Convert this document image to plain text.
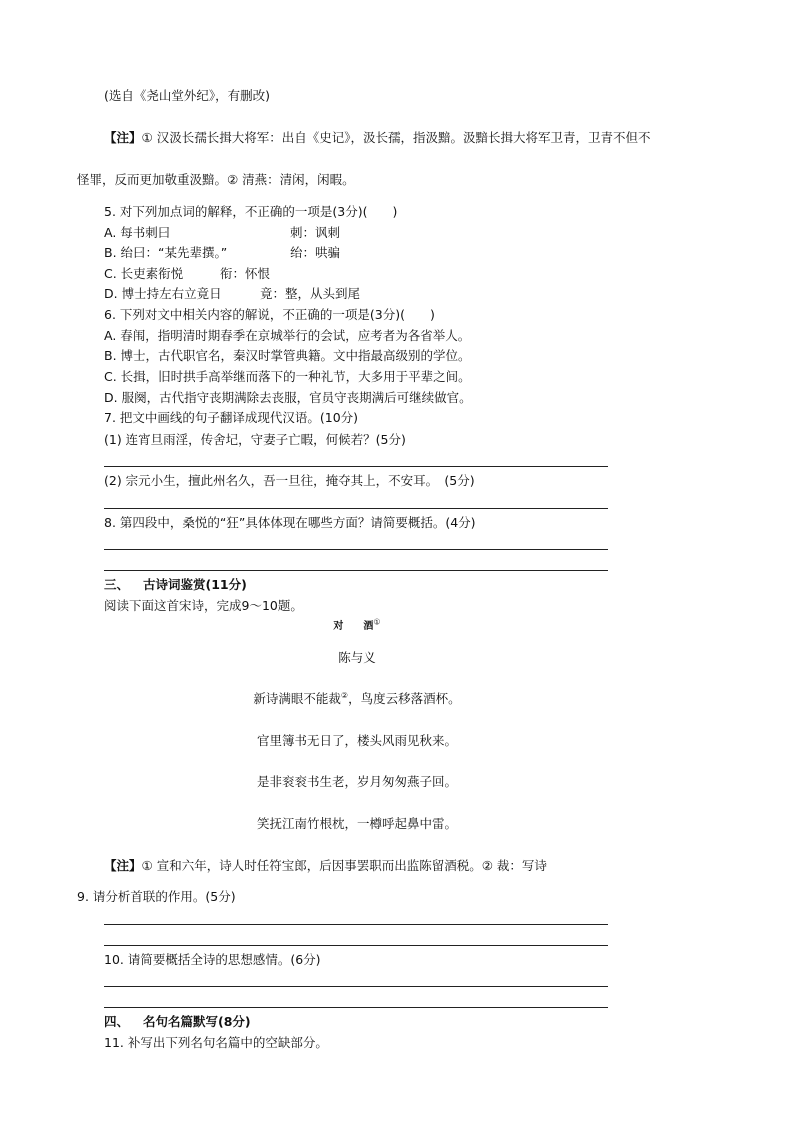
(选自《尧山堂外纪》，有删改)
【注】① 汉汲长孺长揖大将军：出自《史记》，汲长孺，指汲黯。汲黯长揖大将军卫青，卫青不但不
怪罪，反而更加敬重汲黯。② 清燕：清闲，闲暇。
5. 对下列加点词的解释，不正确的一项是(3分)(　　)
A. 每书刺曰	刺：讽刺
B. 绐曰：“某先辈撰。”	绐：哄骗
C. 长吏素衔悦	衔：怀恨
D. 博士持左右立竟日	竟：整，从头到尾
6. 下列对文中相关内容的解说，不正确的一项是(3分)(　　)
A. 春闱，指明清时期春季在京城举行的会试，应考者为各省举人。
B. 博士，古代职官名，秦汉时掌管典籍。文中指最高级别的学位。
C. 长揖，旧时拱手高举继而落下的一种礼节，大多用于平辈之间。
D. 服阕，古代指守丧期满除去丧服，官员守丧期满后可继续做官。
7. 把文中画线的句子翻译成现代汉语。(10分)
(1) 连宵旦雨淫，传舍圮，守妻子亡暇，何候若？(5分)
(2) 宗元小生，擅此州名久，吾一旦往，掩夺其上，不安耳。　(5分)
8. 第四段中，桑悦的“狂”具体体现在哪些方面？请简要概括。(4分)
三、 古诗词鉴赏(11分)
阅读下面这首宋诗，完成9～10题。
对　　酒①
陈与义
新诗满眼不能裁②，鸟度云移落酒杯。
官里簿书无日了，楼头风雨见秋来。
是非衮衮书生老，岁月匆匆燕子回。
笑抚江南竹根枕，一樽呼起鼻中雷。
【注】① 宣和六年，诗人时任符宝郎，后因事罢职而出监陈留酒税。② 裁：写诗
9. 请分析首联的作用。(5分)
10. 请简要概括全诗的思想感情。(6分)
四、 名句名篇默写(8分)
11. 补写出下列名句名篇中的空缺部分。
